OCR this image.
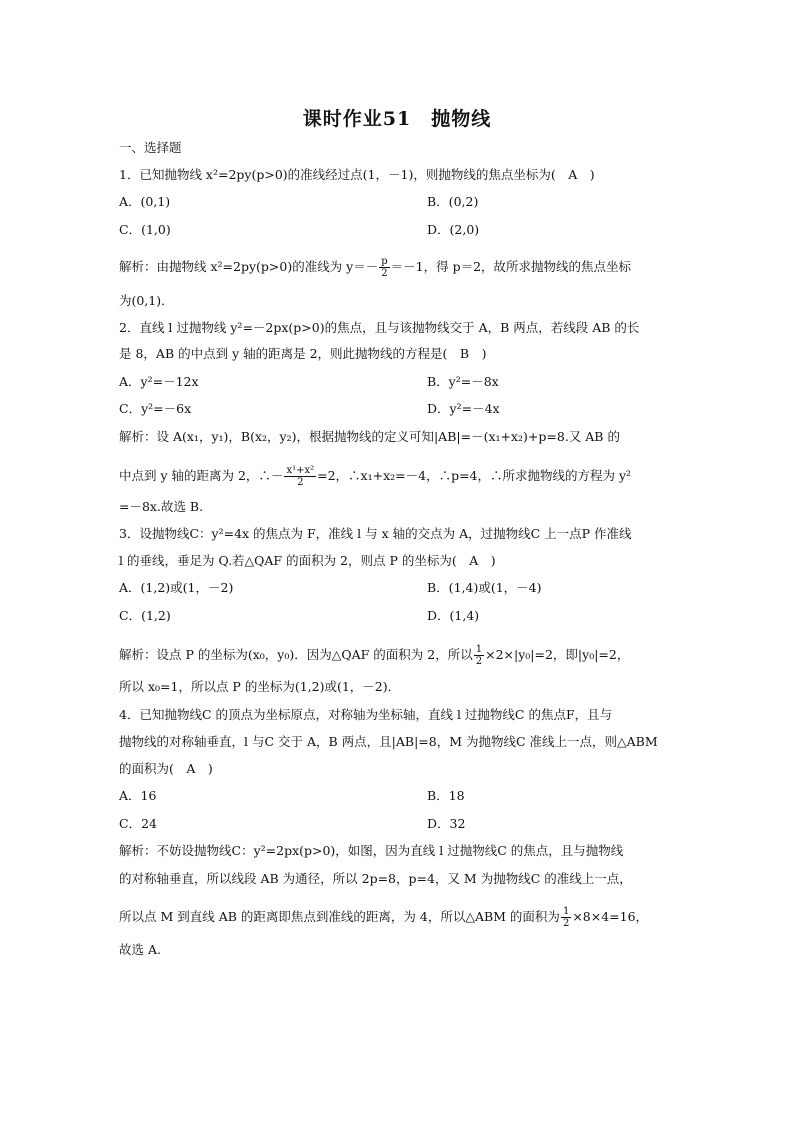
课时作业51　抛物线
一、选择题
1．已知抛物线 x²=2py(p>0)的准线经过点(1，－1)，则抛物线的焦点坐标为(　A　)
A．(0,1)	B．(0,2)
C．(1,0)	D．(2,0)
解析：由抛物线 x²=2py(p>0)的准线为 $y=- \frac{p}{2} =-1$，得 p＝2，故所求抛物线的焦点坐标
为(0,1)．
2．直线 l 过抛物线 y²=－2px(p>0)的焦点，且与该抛物线交于 A，B 两点，若线段 AB 的长
是 8，AB 的中点到 y 轴的距离是 2，则此抛物线的方程是(　B　)
A．y²=－12x	B．y²=－8x
C．y²=－6x	D．y²=－4x
解析：设 A(x₁，y₁)，B(x₂，y₂)，根据抛物线的定义可知|AB|=－(x₁+x₂)+p=8.又 AB 的
中点到 y 轴的距离为 2，∴－ $\frac{\text{x¹+x²}}{2} =2$，∴x₁+x₂=－4，∴p=4，∴所求抛物线的方程为 y²
=－8x.故选 B.
3．设抛物线C：y²=4x 的焦点为 F，准线 l 与 x 轴的交点为 A，过抛物线C 上一点P 作准线
l 的垂线，垂足为 Q.若△QAF 的面积为 2，则点 P 的坐标为(　A　)
A．(1,2)或(1，－2)	B．(1,4)或(1，－4)
C．(1,2)	D．(1,4)
解析：设点 P 的坐标为(x₀，y₀)．因为△QAF 的面积为 2，所以 $\frac{1}{2} \times 2\times|y_0|=2$，即|y₀|=2，
所以 x₀=1，所以点 P 的坐标为(1,2)或(1，－2)．
4．已知抛物线C 的顶点为坐标原点，对称轴为坐标轴，直线 l 过抛物线C 的焦点F，且与
抛物线的对称轴垂直，l 与C 交于 A，B 两点，且|AB|=8，M 为抛物线C 准线上一点，则△ABM
的面积为(　A　)
A．16	B．18
C．24	D．32
解析：不妨设抛物线C：y²=2px(p>0)，如图，因为直线 l 过抛物线C 的焦点，且与抛物线
的对称轴垂直，所以线段 AB 为通径，所以 2p=8，p=4，又 M 为抛物线C 的准线上一点，
所以点 M 到直线 AB 的距离即焦点到准线的距离，为 4，所以△ABM 的面积为 $\frac{1}{2} \times 8\times 4=16$，
故选 A.
